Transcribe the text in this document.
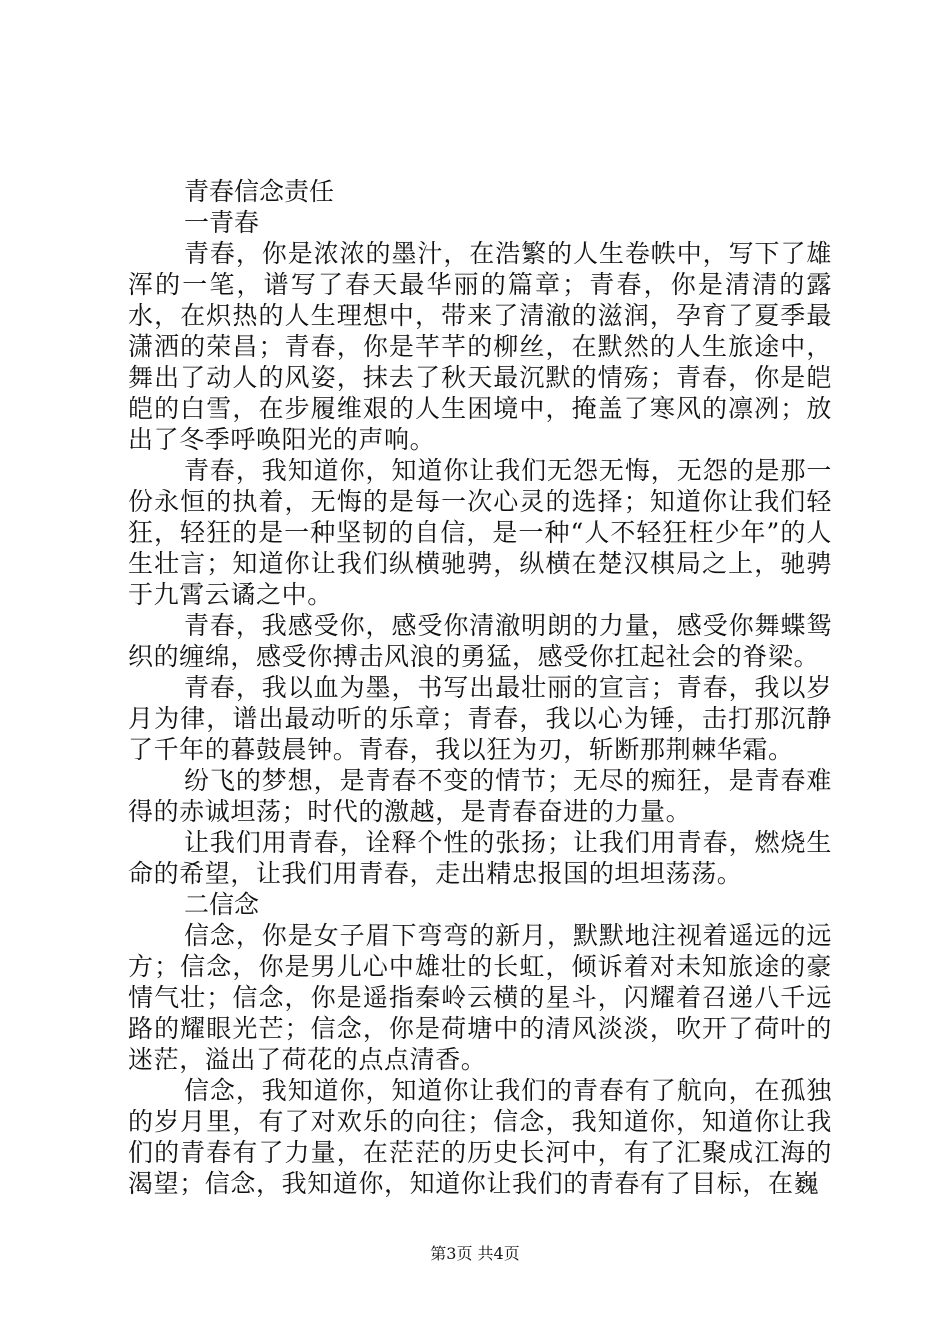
青春信念责任
一青春

青春，你是浓浓的墨汁，在浩繁的人生卷帙中，写下了雄浑的一笔，谱写了春天最华丽的篇章；青春，你是清清的露水，在炽热的人生理想中，带来了清澈的滋润，孕育了夏季最潇洒的荣昌；青春，你是芊芊的柳丝，在默然的人生旅途中，舞出了动人的风姿，抹去了秋天最沉默的情殇；青春，你是皑皑的白雪，在步履维艰的人生困境中，掩盖了寒风的凛冽；放出了冬季呼唤阳光的声响。

青春，我知道你，知道你让我们无怨无悔，无怨的是那一份永恒的执着，无悔的是每一次心灵的选择；知道你让我们轻狂，轻狂的是一种坚韧的自信，是一种“人不轻狂枉少年”的人生壮言；知道你让我们纵横驰骋，纵横在楚汉棋局之上，驰骋于九霄云谲之中。

青春，我感受你，感受你清澈明朗的力量，感受你舞蝶鸳织的缠绵，感受你搏击风浪的勇猛，感受你扛起社会的脊梁。

青春，我以血为墨，书写出最壮丽的宣言；青春，我以岁月为律，谱出最动听的乐章；青春，我以心为锤，击打那沉静了千年的暮鼓晨钟。青春，我以狂为刃，斩断那荆棘华霜。

纷飞的梦想，是青春不变的情节；无尽的痴狂，是青春难得的赤诚坦荡；时代的激越，是青春奋进的力量。

让我们用青春，诠释个性的张扬；让我们用青春，燃烧生命的希望，让我们用青春，走出精忠报国的坦坦荡荡。

二信念

信念，你是女子眉下弯弯的新月，默默地注视着遥远的远方；信念，你是男儿心中雄壮的长虹，倾诉着对未知旅途的豪情气壮；信念，你是遥指秦岭云横的星斗，闪耀着召递八千远路的耀眼光芒；信念，你是荷塘中的清风淡淡，吹开了荷叶的迷茫，溢出了荷花的点点清香。

信念，我知道你，知道你让我们的青春有了航向，在孤独的岁月里，有了对欢乐的向往；信念，我知道你，知道你让我们的青春有了力量，在茫茫的历史长河中，有了汇聚成江海的渴望；信念，我知道你，知道你让我们的青春有了目标，在巍

第3页 共4页
